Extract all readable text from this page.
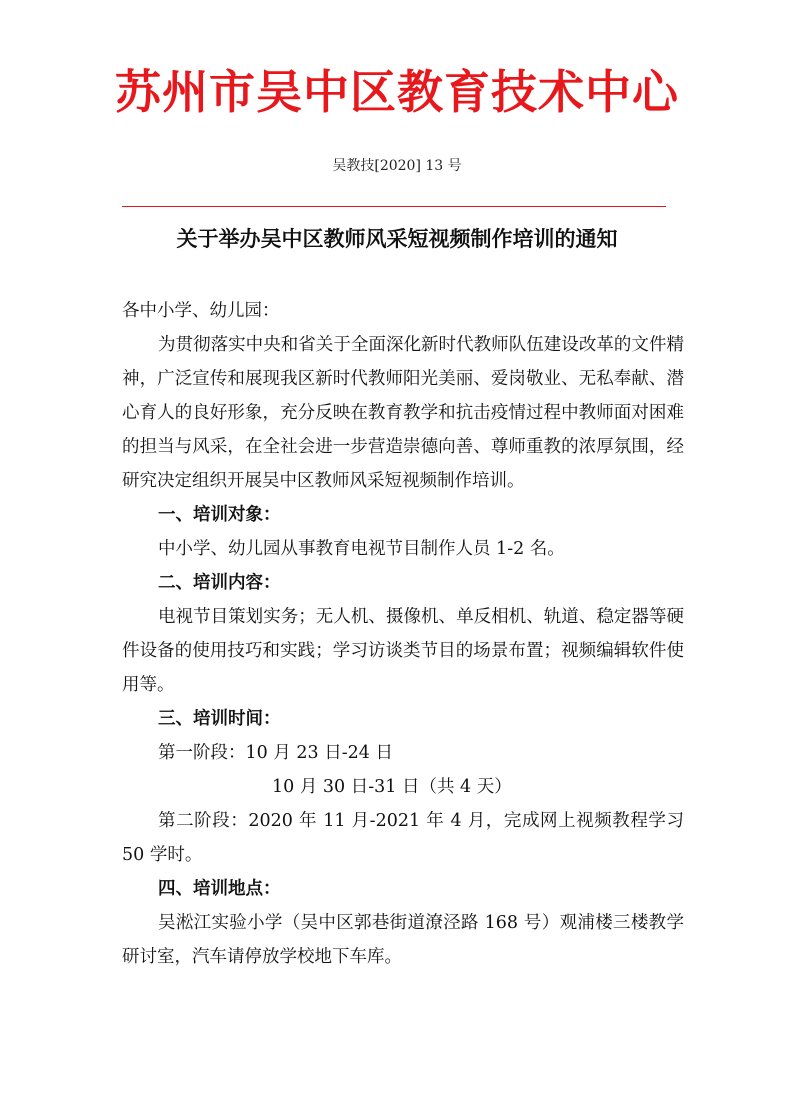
苏州市吴中区教育技术中心
吴教技[2020] 13 号
关于举办吴中区教师风采短视频制作培训的通知
各中小学、幼儿园：
为贯彻落实中央和省关于全面深化新时代教师队伍建设改革的文件精神，广泛宣传和展现我区新时代教师阳光美丽、爱岗敬业、无私奉献、潜心育人的良好形象，充分反映在教育教学和抗击疫情过程中教师面对困难的担当与风采，在全社会进一步营造崇德向善、尊师重教的浓厚氛围，经研究决定组织开展吴中区教师风采短视频制作培训。
一、培训对象：
中小学、幼儿园从事教育电视节目制作人员 1-2 名。
二、培训内容：
电视节目策划实务；无人机、摄像机、单反相机、轨道、稳定器等硬件设备的使用技巧和实践；学习访谈类节目的场景布置；视频编辑软件使用等。
三、培训时间：
第一阶段：10 月 23 日-24 日
10 月 30 日-31 日（共 4 天）
第二阶段：2020 年 11 月-2021 年 4 月，完成网上视频教程学习 50 学时。
四、培训地点：
吴淞江实验小学（吴中区郭巷街道潦泾路 168 号）观浦楼三楼教学研讨室，汽车请停放学校地下车库。
